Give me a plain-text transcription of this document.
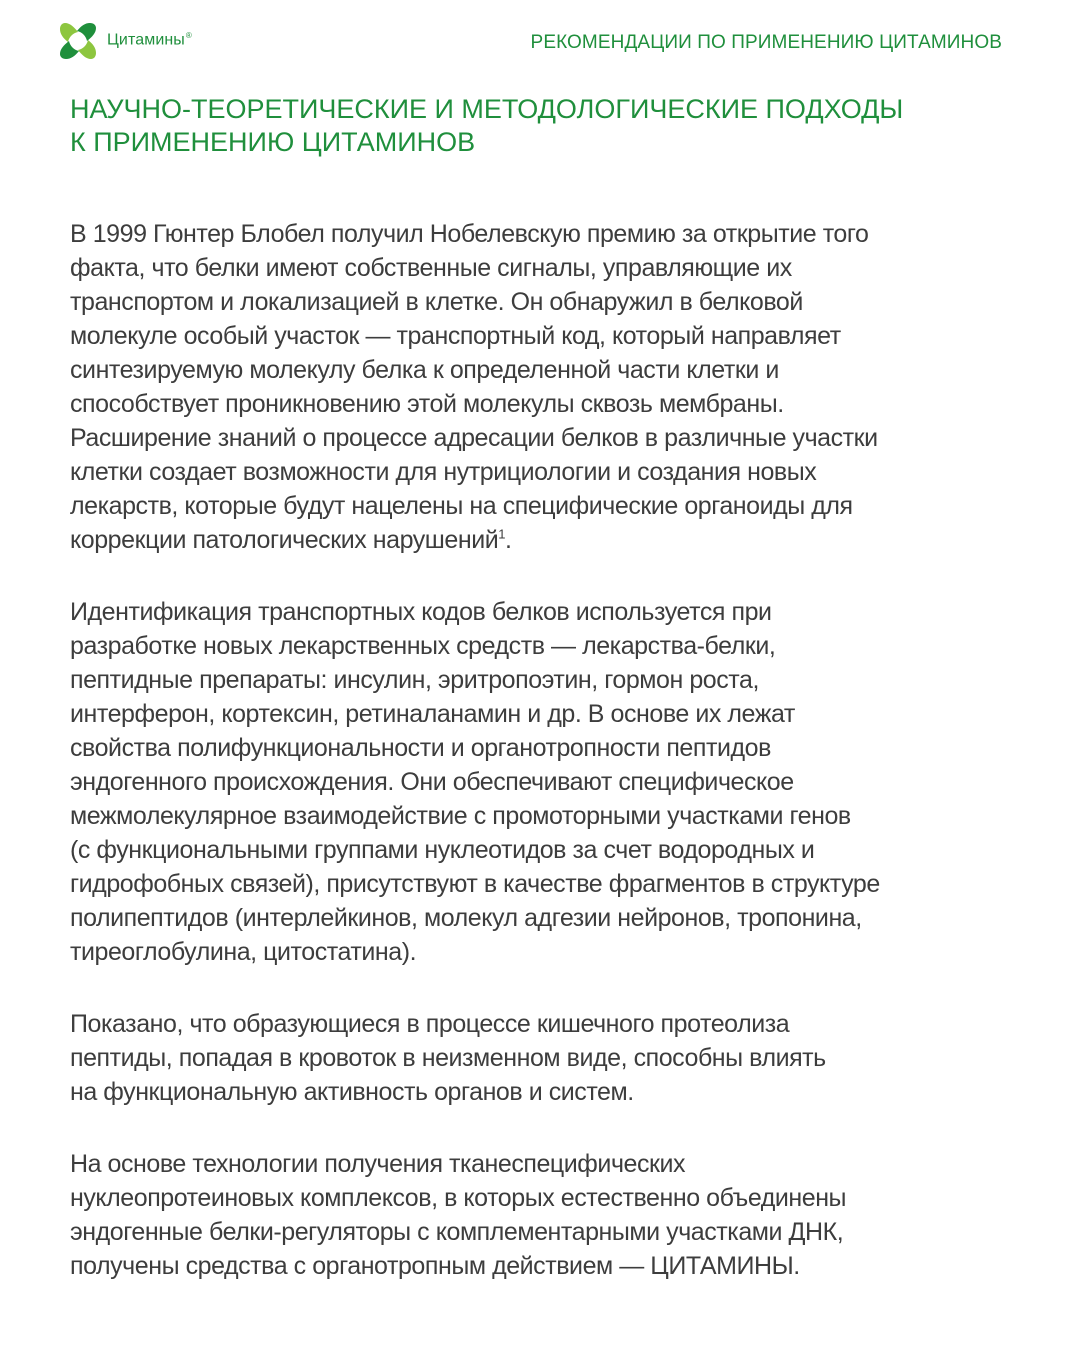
Цитамины®	РЕКОМЕНДАЦИИ ПО ПРИМЕНЕНИЮ ЦИТАМИНОВ
НАУЧНО-ТЕОРЕТИЧЕСКИЕ И МЕТОДОЛОГИЧЕСКИЕ ПОДХОДЫ
К ПРИМЕНЕНИЮ ЦИТАМИНОВ
В 1999 Гюнтер Блобел получил Нобелевскую премию за открытие того
факта, что белки имеют собственные сигналы, управляющие их
транспортом и локализацией в клетке. Он обнаружил в белковой
молекуле особый участок — транспортный код, который направляет
синтезируемую молекулу белка к определенной части клетки и
способствует проникновению этой молекулы сквозь мембраны.
Расширение знаний о процессе адресации белков в различные участки
клетки создает возможности для нутрициологии и создания новых
лекарств, которые будут нацелены на специфические органоиды для
коррекции патологических нарушений$^1$.
Идентификация транспортных кодов белков используется при
разработке новых лекарственных средств — лекарства-белки,
пептидные препараты: инсулин, эритропоэтин, гормон роста,
интерферон, кортексин, ретиналанамин и др. В основе их лежат
свойства полифункциональности и органотропности пептидов
эндогенного происхождения. Они обеспечивают специфическое
межмолекулярное взаимодействие с промоторными участками генов
(с функциональными группами нуклеотидов за счет водородных и
гидрофобных связей), присутствуют в качестве фрагментов в структуре
полипептидов (интерлейкинов, молекул адгезии нейронов, тропонина,
тиреоглобулина, цитостатина).
Показано, что образующиеся в процессе кишечного протеолиза
пептиды, попадая в кровоток в неизменном виде, способны влиять
на функциональную активность органов и систем.
На основе технологии получения тканеспецифических
нуклеопротеиновых комплексов, в которых естественно объединены
эндогенные белки-регуляторы с комплементарными участками ДНК,
получены средства с органотропным действием — ЦИТАМИНЫ.
